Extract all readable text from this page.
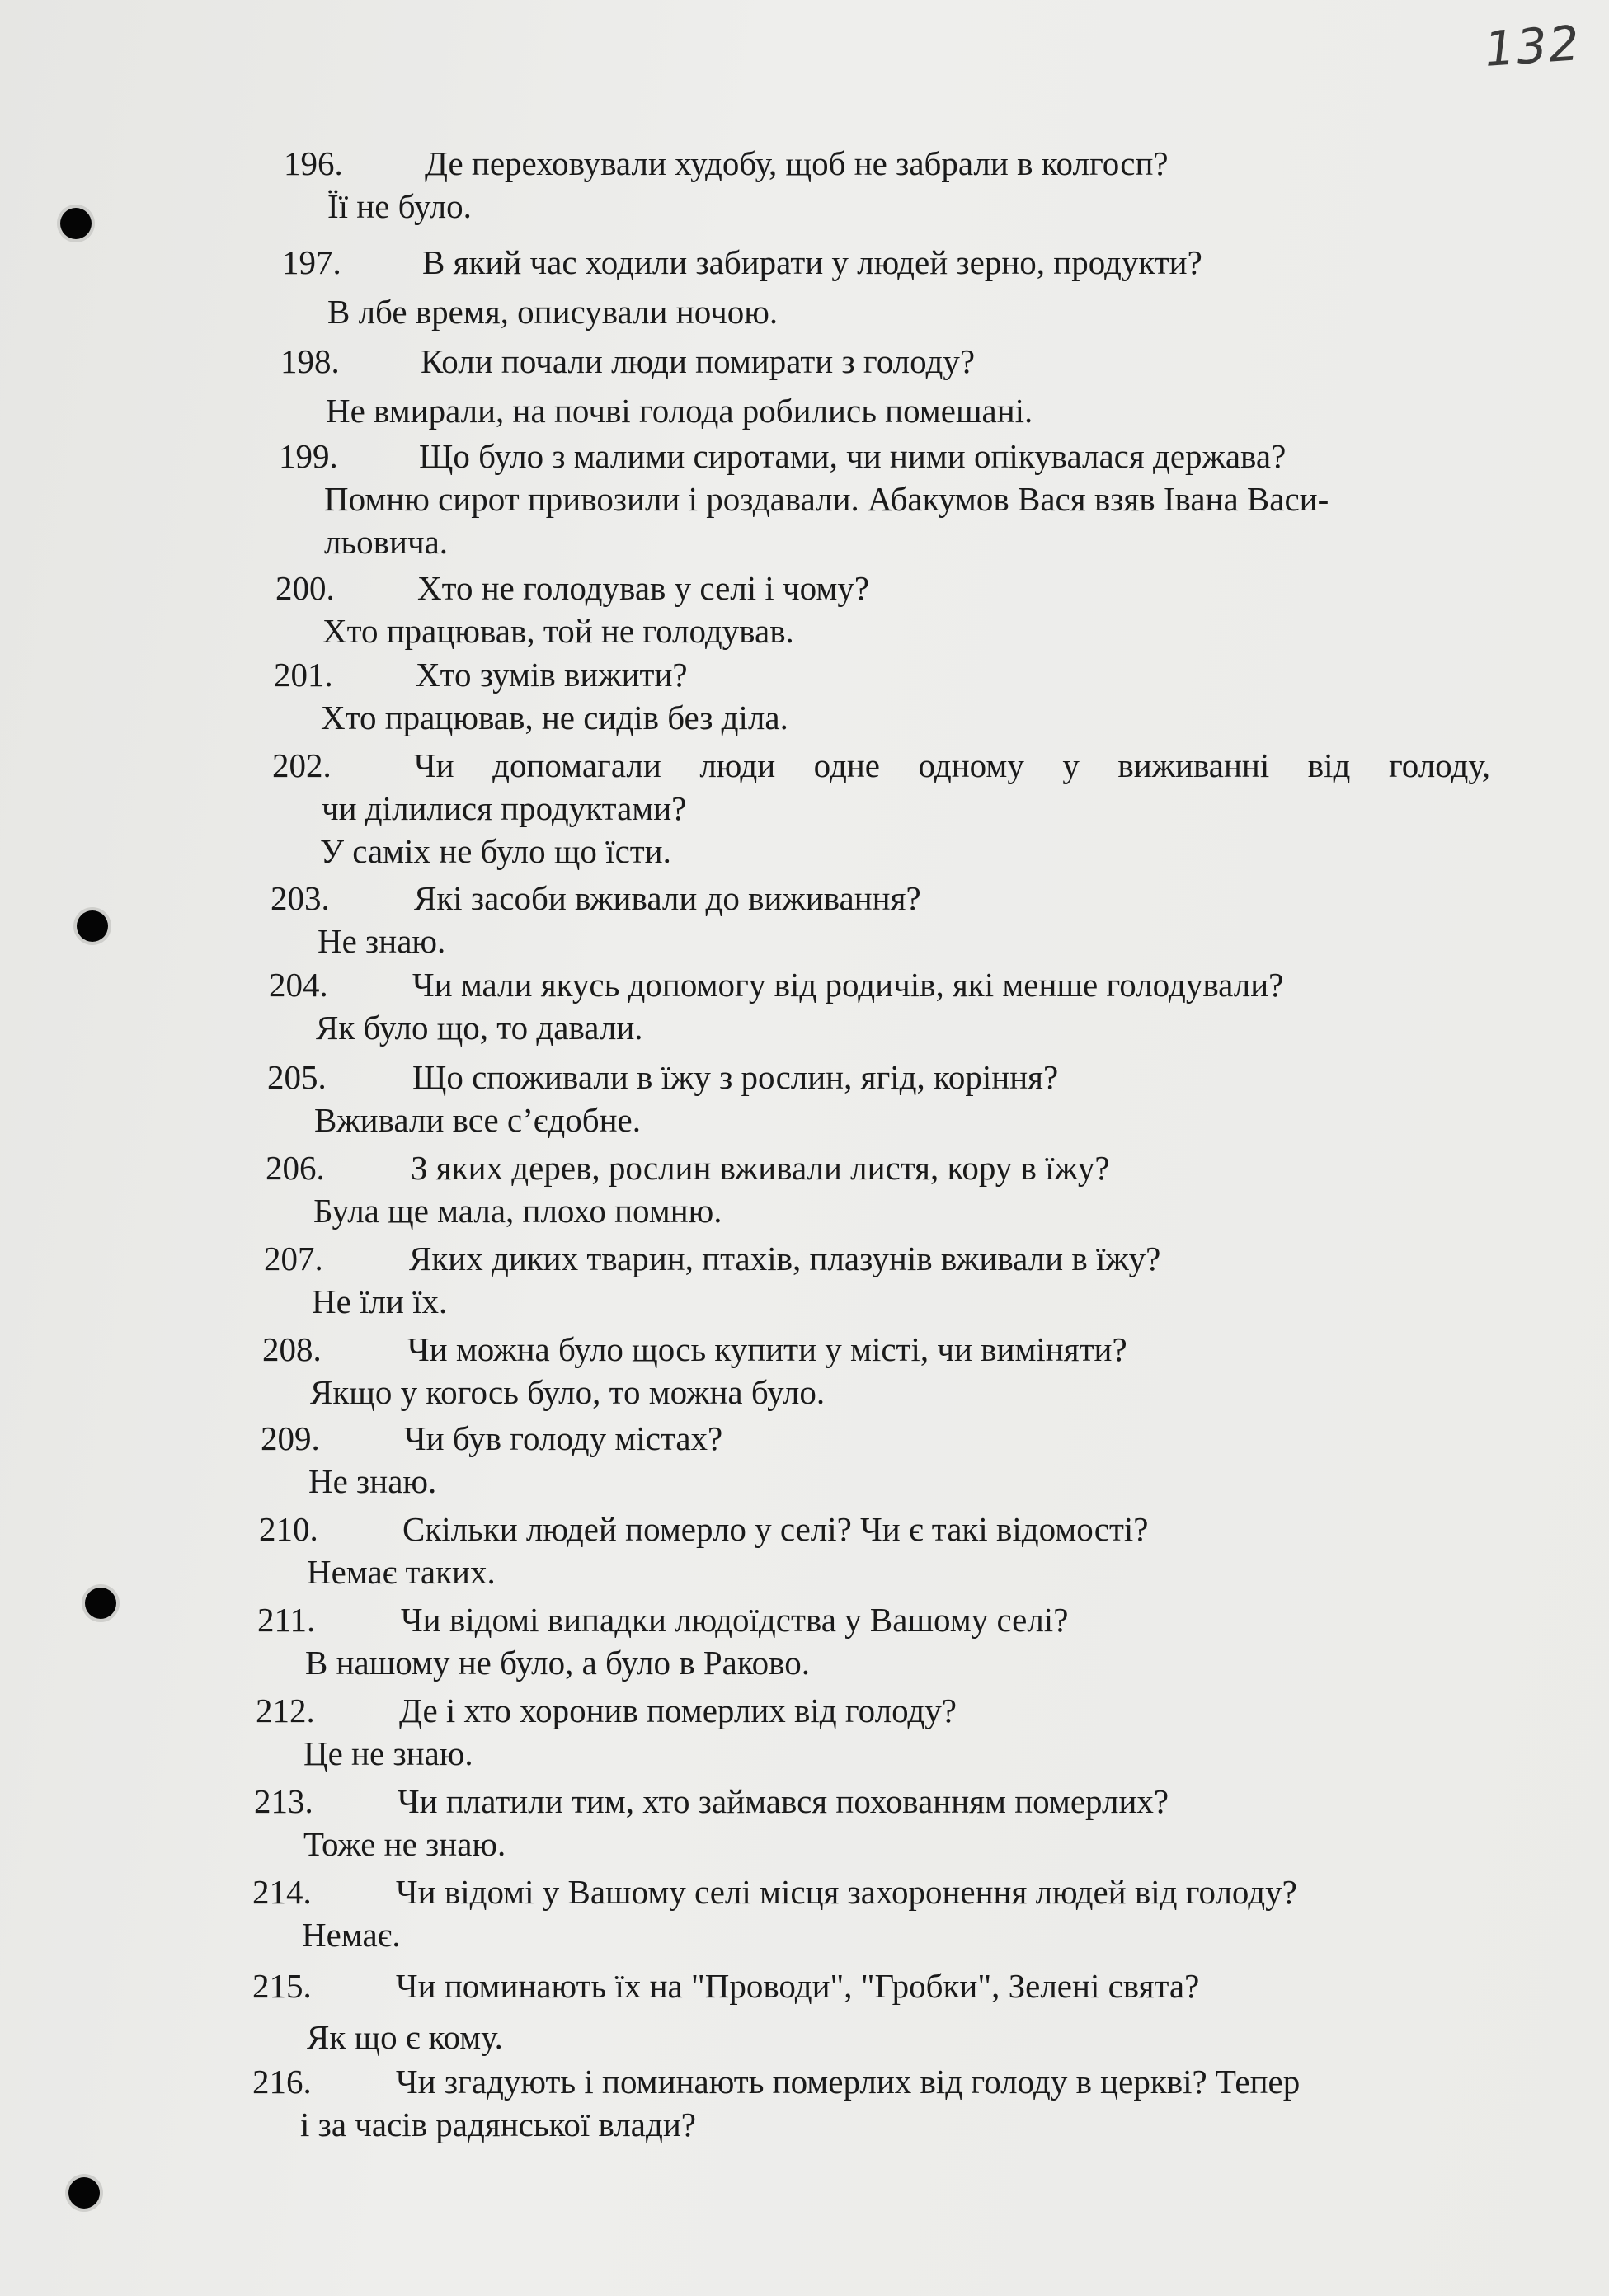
132
196. Де переховували худобу, щоб не забрали в колгосп?
Її не було.
197. В який час ходили забирати у людей зерно, продукти?
В лбе время, описували ночою.
198. Коли почали люди помирати з голоду?
Не вмирали, на почві голода робились помешані.
199. Що було з малими сиротами, чи ними опікувалася держава?
Помню сирот привозили і роздавали. Абакумов Вася взяв Івана Васи-
льовича.
200. Хто не голодував у селі і чому?
Хто працював, той не голодував.
201. Хто зумів вижити?
Хто працював, не сидів без діла.
202. Чи допомагали люди одне одному у виживанні від голоду,
чи ділилися продуктами?
У саміх не було що їсти.
203. Які засоби вживали до виживання?
Не знаю.
204. Чи мали якусь допомогу від родичів, які менше голодували?
Як було що, то давали.
205.	Що споживали в їжу з рослин, ягід, коріння?
Вживали все с’єдобне.
206.	З яких дерев, рослин вживали листя, кору в їжу?
Була ще мала, плохо помню.
207.	Яких диких тварин, птахів, плазунів вживали в їжу?
Не їли їх.
208.	Чи можна було щось купити у місті, чи виміняти?
Якщо у когось було, то можна було.
209. Чи був голоду містах?
Не знаю.
210. Скільки людей померло у селі? Чи є такі відомості?
Немає таких.
211.	Чи відомі випадки людоїдства у Вашому селі?
В нашому не було, а було в Раково.
212. Де і хто хоронив померлих від голоду?
Це не знаю.
213. Чи платили тим, хто займався похованням померлих?
Тоже не знаю.
214. Чи відомі у Вашому селі місця захоронення людей від голоду?
Немає.
215. Чи поминають їх на "Проводи", "Гробки", Зелені свята?
Як що є кому.
216. Чи згадують і поминають померлих від голоду в церкві? Тепер
і за часів радянської влади?
